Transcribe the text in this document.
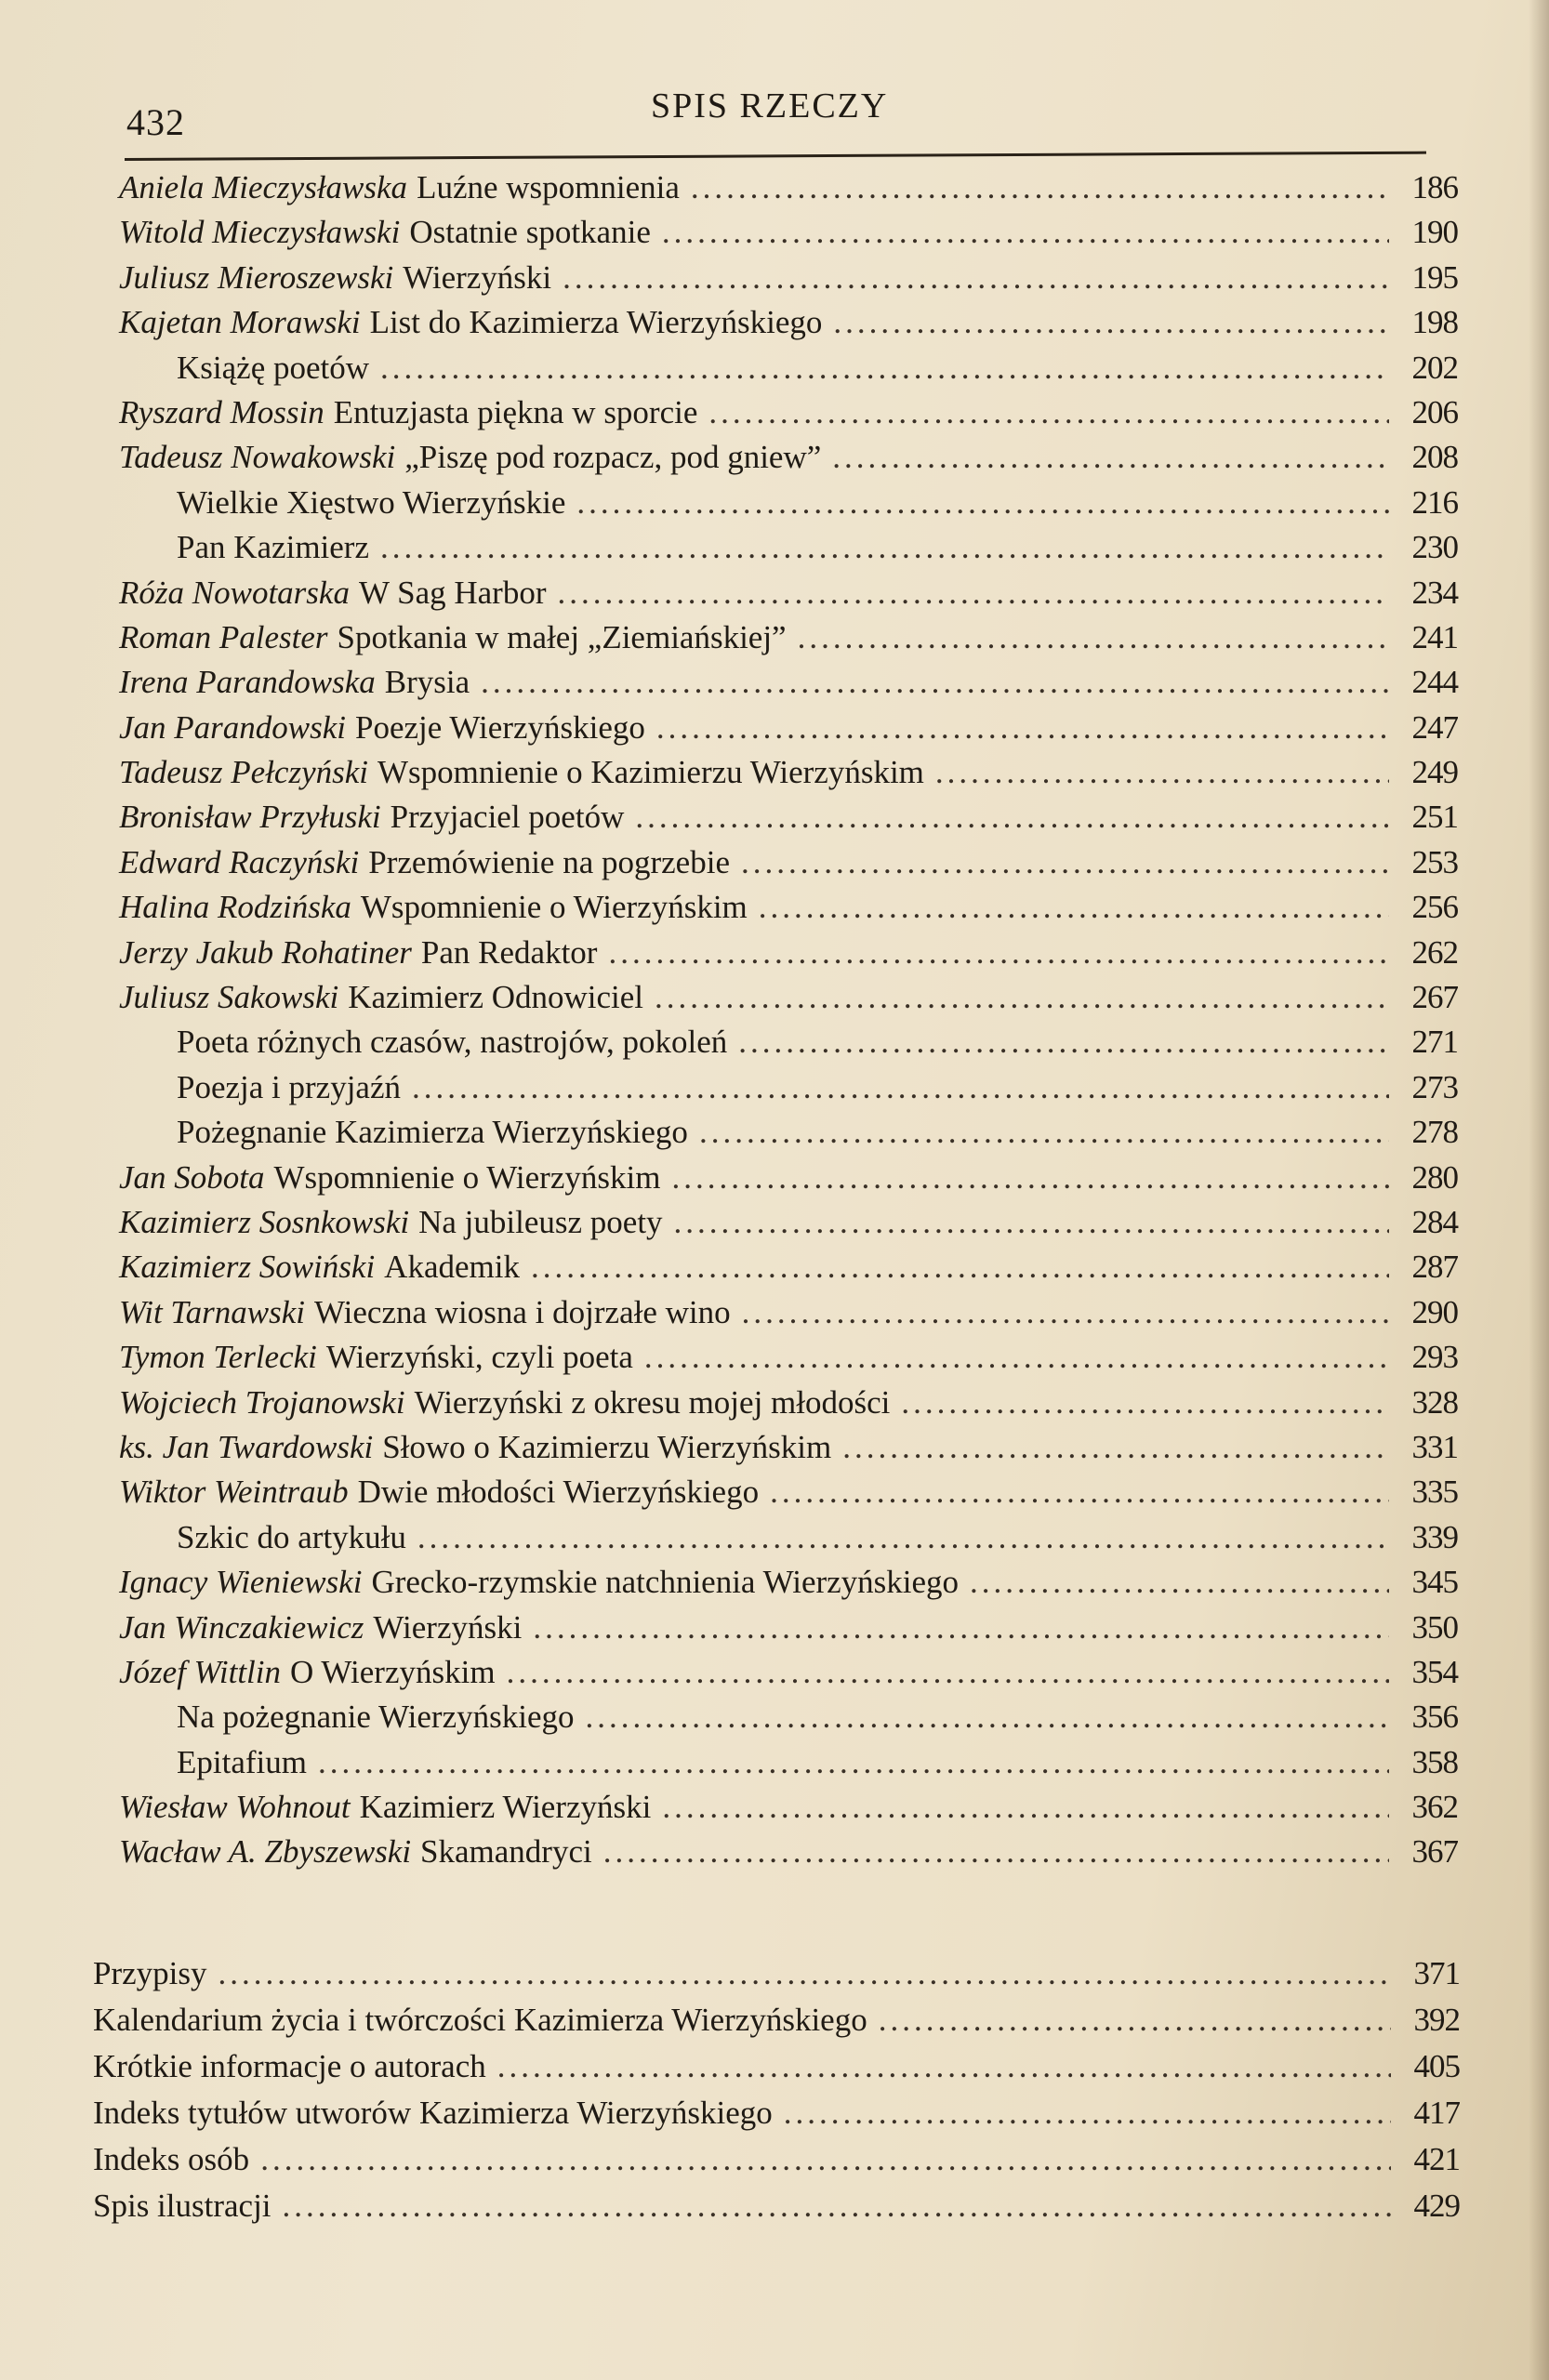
432	SPIS RZECZY
Aniela Mieczysławska Luźne wspomnienia .....	186
Witold Mieczysławski Ostatnie spotkanie .....	190
Juliusz Mieroszewski Wierzyński .....	195
Kajetan Morawski List do Kazimierza Wierzyńskiego .....	198
Książę poetów .....	202
Ryszard Mossin Entuzjasta piękna w sporcie .....	206
Tadeusz Nowakowski „Piszę pod rozpacz, pod gniew” .....	208
Wielkie Xięstwo Wierzyńskie .....	216
Pan Kazimierz .....	230
Róża Nowotarska W Sag Harbor .....	234
Roman Palester Spotkania w małej „Ziemiańskiej” .....	241
Irena Parandowska Brysia .....	244
Jan Parandowski Poezje Wierzyńskiego .....	247
Tadeusz Pełczyński Wspomnienie o Kazimierzu Wierzyńskim .....	249
Bronisław Przyłuski Przyjaciel poetów .....	251
Edward Raczyński Przemówienie na pogrzebie .....	253
Halina Rodzińska Wspomnienie o Wierzyńskim .....	256
Jerzy Jakub Rohatiner Pan Redaktor .....	262
Juliusz Sakowski Kazimierz Odnowiciel .....	267
Poeta różnych czasów, nastrojów, pokoleń .....	271
Poezja i przyjaźń .....	273
Pożegnanie Kazimierza Wierzyńskiego .....	278
Jan Sobota Wspomnienie o Wierzyńskim .....	280
Kazimierz Sosnkowski Na jubileusz poety .....	284
Kazimierz Sowiński Akademik .....	287
Wit Tarnawski Wieczna wiosna i dojrzałe wino .....	290
Tymon Terlecki Wierzyński, czyli poeta .....	293
Wojciech Trojanowski Wierzyński z okresu mojej młodości .....	328
ks. Jan Twardowski Słowo o Kazimierzu Wierzyńskim .....	331
Wiktor Weintraub Dwie młodości Wierzyńskiego .....	335
Szkic do artykułu .....	339
Ignacy Wieniewski Grecko-rzymskie natchnienia Wierzyńskiego .....	345
Jan Winczakiewicz Wierzyński .....	350
Józef Wittlin O Wierzyńskim .....	354
Na pożegnanie Wierzyńskiego .....	356
Epitafium .....	358
Wiesław Wohnout Kazimierz Wierzyński .....	362
Wacław A. Zbyszewski Skamandryci .....	367
Przypisy .....	371
Kalendarium życia i twórczości Kazimierza Wierzyńskiego .....	392
Krótkie informacje o autorach .....	405
Indeks tytułów utworów Kazimierza Wierzyńskiego .....	417
Indeks osób .....	421
Spis ilustracji .....	429
